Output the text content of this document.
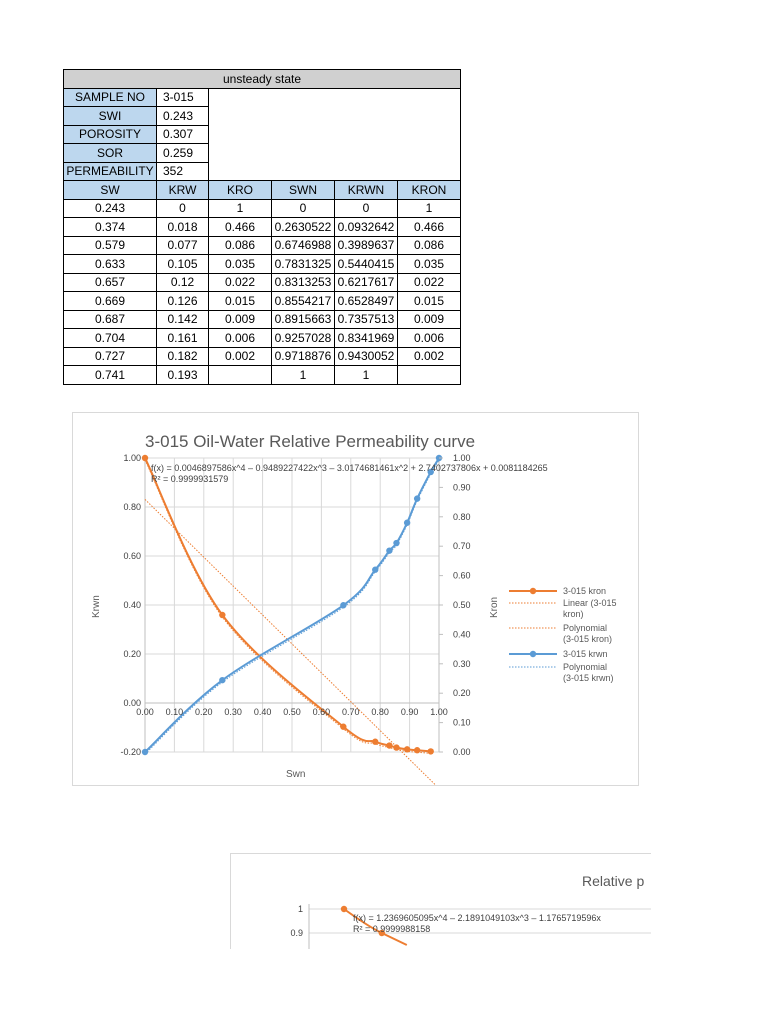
unsteady state					
SAMPLE NO	3-015				
SWI	0.243				
POROSITY	0.307				
SOR	0.259				
PERMEABILITY	352				
SW	KRW	KRO	SWN	KRWN	KRON
0.243	0	1	0	0	1
0.374	0.018	0.466	0.2630522	0.0932642	0.466
0.579	0.077	0.086	0.6746988	0.3989637	0.086
0.633	0.105	0.035	0.7831325	0.5440415	0.035
0.657	0.12	0.022	0.8313253	0.6217617	0.022
0.669	0.126	0.015	0.8554217	0.6528497	0.015
0.687	0.142	0.009	0.8915663	0.7357513	0.009
0.704	0.161	0.006	0.9257028	0.8341969	0.006
0.727	0.182	0.002	0.9718876	0.9430052	0.002
0.741	0.193		1	1	
3-015 Oil-Water Relative Permeability curve
-0.20
0.00
0.20
0.40
0.60
0.80
1.00
0.00 0.10 0.20 0.30 0.40 0.50 0.60 0.70 0.80 0.90 1.00
0.00
0.10
0.20
0.30
0.40
0.50
0.60
0.70
0.80
0.90
1.00
f(x) = 0.0046897586x^4 – 0.9489227422x^3 – 3.0174681461x^2 + 2.7402737806x + 0.0081184265
R² = 0.9999931579
Swn
Krwn	Kron
3-015 kron
Linear (3-015 kron)
Polynomial (3-015 kron)
3-015 krwn
Polynomial (3-015 krwn)
Relative p
1
0.9
f(x) = 1.2369605095x^4 – 2.1891049103x^3 – 1.1765719596x
R² = 0.9999988158
